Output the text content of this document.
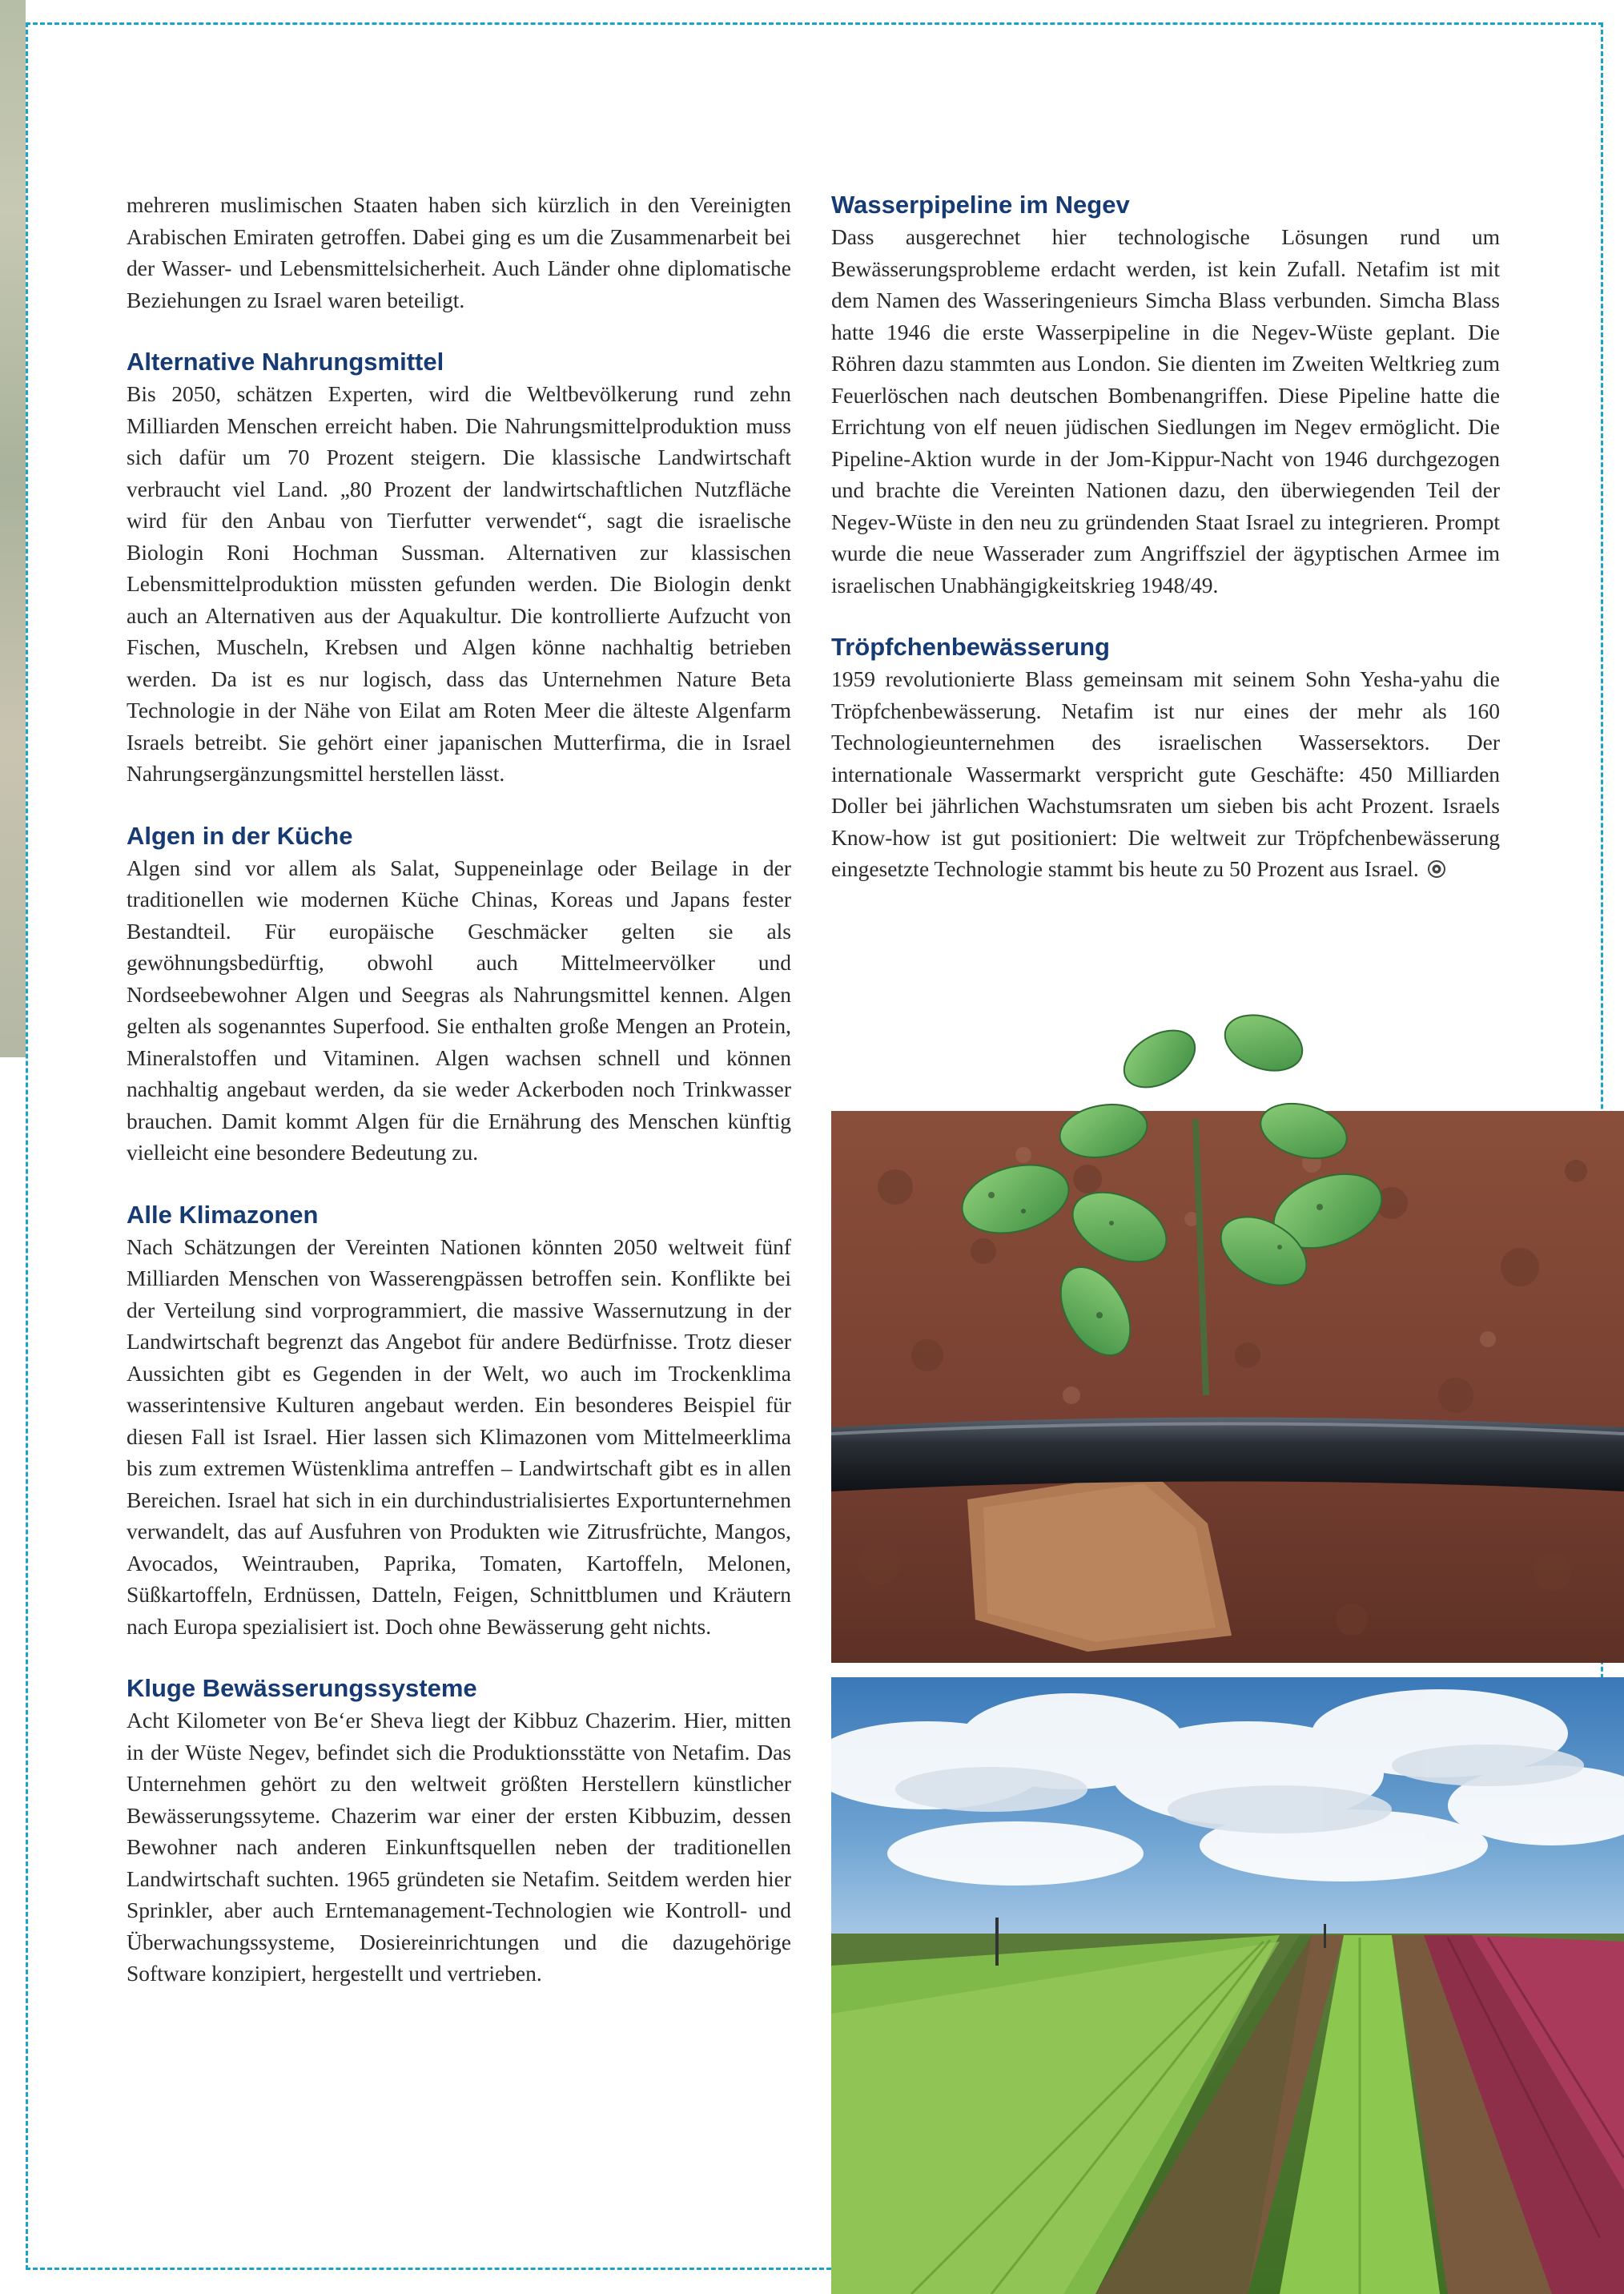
mehreren muslimischen Staaten haben sich kürzlich in den Vereinigten Arabischen Emiraten getroffen. Dabei ging es um die Zusammenarbeit bei der Wasser- und Lebensmittelsicherheit. Auch Länder ohne diplomatische Beziehungen zu Israel waren beteiligt.

Alternative Nahrungsmittel

Bis 2050, schätzen Experten, wird die Weltbevölkerung rund zehn Milliarden Menschen erreicht haben. Die Nahrungsmittelproduktion muss sich dafür um 70 Prozent steigern. Die klassische Landwirtschaft verbraucht viel Land. „80 Prozent der landwirtschaftlichen Nutzfläche wird für den Anbau von Tierfutter verwendet“, sagt die israelische Biologin Roni Hochman Sussman. Alternativen zur klassischen Lebensmittelproduktion müssten gefunden werden. Die Biologin denkt auch an Alternativen aus der Aquakultur. Die kontrollierte Aufzucht von Fischen, Muscheln, Krebsen und Algen könne nachhaltig betrieben werden. Da ist es nur logisch, dass das Unternehmen Nature Beta Technologie in der Nähe von Eilat am Roten Meer die älteste Algenfarm Israels betreibt. Sie gehört einer japanischen Mutterfirma, die in Israel Nahrungsergänzungsmittel herstellen lässt.

Algen in der Küche

Algen sind vor allem als Salat, Suppeneinlage oder Beilage in der traditionellen wie modernen Küche Chinas, Koreas und Japans fester Bestandteil. Für europäische Geschmäcker gelten sie als gewöhnungsbedürftig, obwohl auch Mittelmeervölker und Nordseebewohner Algen und Seegras als Nahrungsmittel kennen. Algen gelten als sogenanntes Superfood. Sie enthalten große Mengen an Protein, Mineralstoffen und Vitaminen. Algen wachsen schnell und können nachhaltig angebaut werden, da sie weder Ackerboden noch Trinkwasser brauchen. Damit kommt Algen für die Ernährung des Menschen künftig vielleicht eine besondere Bedeutung zu.

Alle Klimazonen

Nach Schätzungen der Vereinten Nationen könnten 2050 weltweit fünf Milliarden Menschen von Wasserengpässen betroffen sein. Konflikte bei der Verteilung sind vorprogrammiert, die massive Wassernutzung in der Landwirtschaft begrenzt das Angebot für andere Bedürfnisse. Trotz dieser Aussichten gibt es Gegenden in der Welt, wo auch im Trockenklima wasserintensive Kulturen angebaut werden. Ein besonderes Beispiel für diesen Fall ist Israel. Hier lassen sich Klimazonen vom Mittelmeerklima bis zum extremen Wüstenklima antreffen – Landwirtschaft gibt es in allen Bereichen. Israel hat sich in ein durchindustrialisiertes Exportunternehmen verwandelt, das auf Ausfuhren von Produkten wie Zitrusfrüchte, Mangos, Avocados, Weintrauben, Paprika, Tomaten, Kartoffeln, Melonen, Süßkartoffeln, Erdnüssen, Datteln, Feigen, Schnittblumen und Kräutern nach Europa spezialisiert ist. Doch ohne Bewässerung geht nichts.

Kluge Bewässerungssysteme

Acht Kilometer von Be‘er Sheva liegt der Kibbuz Chazerim. Hier, mitten in der Wüste Negev, befindet sich die Produktionsstätte von Netafim. Das Unternehmen gehört zu den weltweit größten Herstellern künstlicher Bewässerungssyteme. Chazerim war einer der ersten Kibbuzim, dessen Bewohner nach anderen Einkunftsquellen neben der traditionellen Landwirtschaft suchten. 1965 gründeten sie Netafim. Seitdem werden hier Sprinkler, aber auch Erntemanagement-Technologien wie Kontroll- und Überwachungssysteme, Dosiereinrichtungen und die dazugehörige Software konzipiert, hergestellt und vertrieben.

Wasserpipeline im Negev

Dass ausgerechnet hier technologische Lösungen rund um Bewässerungsprobleme erdacht werden, ist kein Zufall. Netafim ist mit dem Namen des Wasseringenieurs Simcha Blass verbunden. Simcha Blass hatte 1946 die erste Wasserpipeline in die Negev-Wüste geplant. Die Röhren dazu stammten aus London. Sie dienten im Zweiten Weltkrieg zum Feuerlöschen nach deutschen Bombenangriffen. Diese Pipeline hatte die Errichtung von elf neuen jüdischen Siedlungen im Negev ermöglicht. Die Pipeline-Aktion wurde in der Jom-Kippur-Nacht von 1946 durchgezogen und brachte die Vereinten Nationen dazu, den überwiegenden Teil der Negev-Wüste in den neu zu gründenden Staat Israel zu integrieren. Prompt wurde die neue Wasserader zum Angriffsziel der ägyptischen Armee im israelischen Unabhängigkeitskrieg 1948/49.

Tröpfchenbewässerung

1959 revolutionierte Blass gemeinsam mit seinem Sohn Yesha-yahu die Tröpfchenbewässerung. Netafim ist nur eines der mehr als 160 Technologieunternehmen des israelischen Wassersektors. Der internationale Wassermarkt verspricht gute Geschäfte: 450 Milliarden Doller bei jährlichen Wachstumsraten um sieben bis acht Prozent. Israels Know-how ist gut positioniert: Die weltweit zur Tröpfchenbewässerung eingesetzte Technologie stammt bis heute zu 50 Prozent aus Israel.
